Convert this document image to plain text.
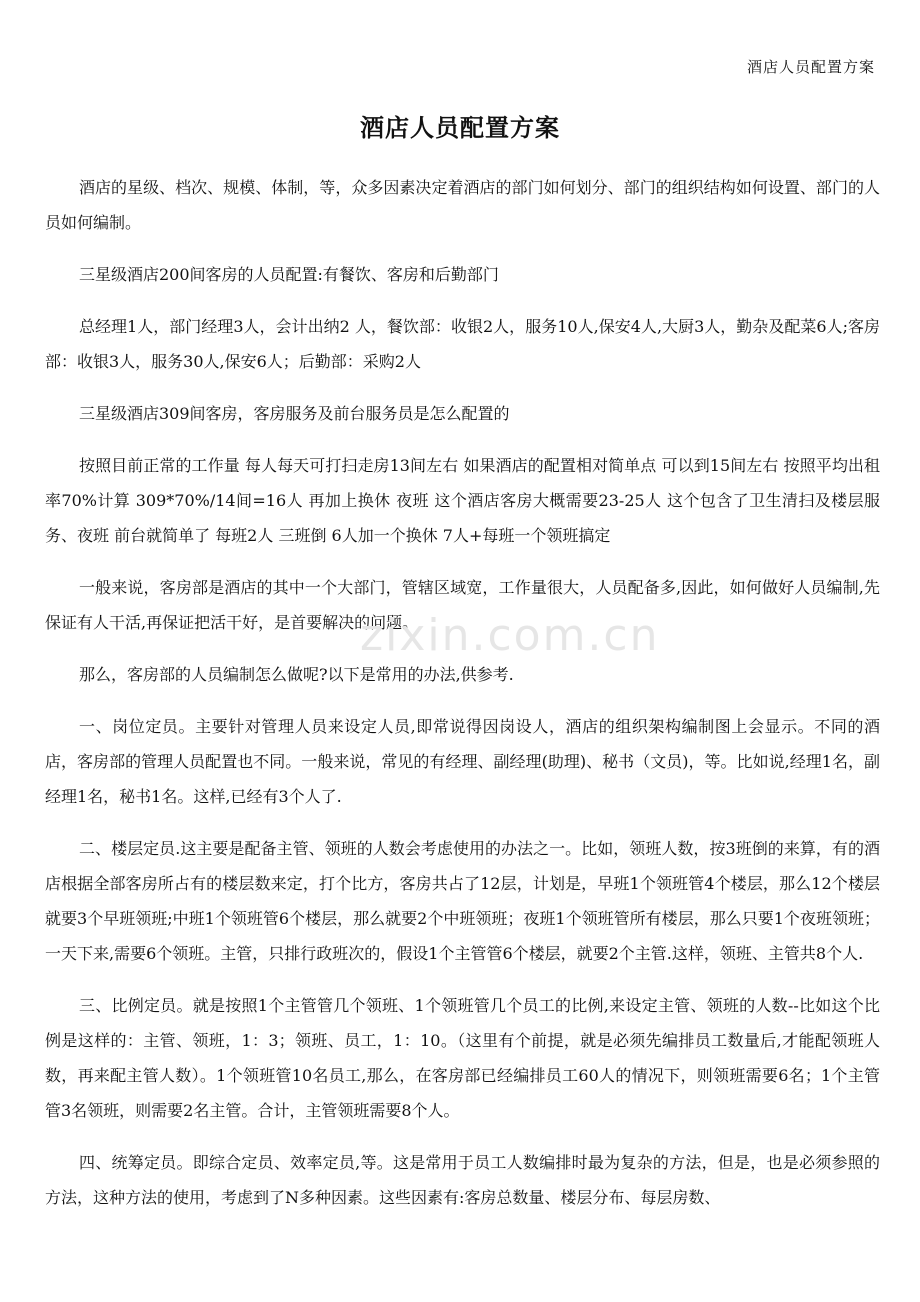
酒店人员配置方案
酒店人员配置方案

酒店的星级、档次、规模、体制，等，众多因素决定着酒店的部门如何划分、部门的组织结构如何设置、部门的人员如何编制。

三星级酒店200间客房的人员配置:有餐饮、客房和后勤部门

总经理1人，部门经理3人，会计出纳2 人，餐饮部：收银2人，服务10人,保安4人,大厨3人，勤杂及配菜6人;客房部：收银3人，服务30人,保安6人；后勤部：采购2人

三星级酒店309间客房，客房服务及前台服务员是怎么配置的

按照目前正常的工作量 每人每天可打扫走房13间左右 如果酒店的配置相对简单点 可以到15间左右 按照平均出租率70%计算 309*70%/14间=16人 再加上换休 夜班 这个酒店客房大概需要23-25人 这个包含了卫生清扫及楼层服务、夜班 前台就简单了 每班2人 三班倒 6人加一个换休 7人+每班一个领班搞定

一般来说，客房部是酒店的其中一个大部门，管辖区域宽，工作量很大，人员配备多,因此，如何做好人员编制,先保证有人干活,再保证把活干好，是首要解决的问题。

那么，客房部的人员编制怎么做呢?以下是常用的办法,供参考.

一、岗位定员。主要针对管理人员来设定人员,即常说得因岗设人，酒店的组织架构编制图上会显示。不同的酒店，客房部的管理人员配置也不同。一般来说，常见的有经理、副经理(助理)、秘书（文员)，等。比如说,经理1名，副经理1名，秘书1名。这样,已经有3个人了.

二、楼层定员.这主要是配备主管、领班的人数会考虑使用的办法之一。比如，领班人数，按3班倒的来算，有的酒店根据全部客房所占有的楼层数来定，打个比方，客房共占了12层，计划是，早班1个领班管4个楼层，那么12个楼层就要3个早班领班;中班1个领班管6个楼层，那么就要2个中班领班；夜班1个领班管所有楼层，那么只要1个夜班领班；一天下来,需要6个领班。主管，只排行政班次的，假设1个主管管6个楼层，就要2个主管.这样，领班、主管共8个人.

三、比例定员。就是按照1个主管管几个领班、1个领班管几个员工的比例,来设定主管、领班的人数--比如这个比例是这样的：主管、领班，1：3；领班、员工，1：10。（这里有个前提，就是必须先编排员工数量后,才能配领班人数，再来配主管人数）。1个领班管10名员工,那么，在客房部已经编排员工60人的情况下，则领班需要6名；1个主管管3名领班，则需要2名主管。合计，主管领班需要8个人。

四、统筹定员。即综合定员、效率定员,等。这是常用于员工人数编排时最为复杂的方法，但是，也是必须参照的方法，这种方法的使用，考虑到了N多种因素。这些因素有:客房总数量、楼层分布、每层房数、

zixin.com.cn
